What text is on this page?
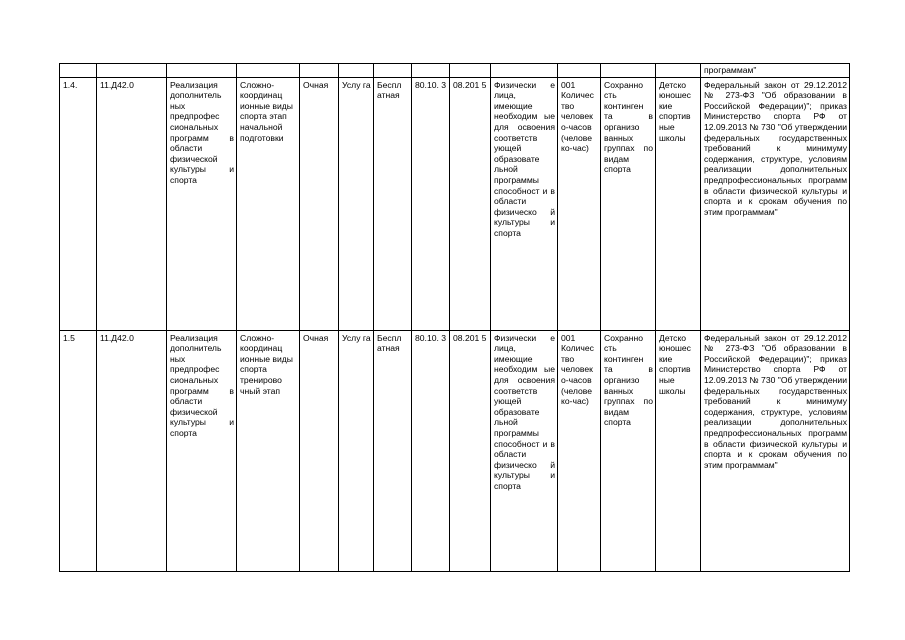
													программам"
1.4.	11.Д42.0	Реализация дополнитель ных предпрофес сиональных программ в области физической культуры и спорта	Сложно- координац ионные виды спорта этап начальной подготовки	Очная	Услу га	Беспл атная	80.10. 3	08.201 5	Физически е лица, имеющие необходим ые для освоения соответств ующей образовате льной программы способност и в области физическо й культуры и спорта	001 Количес тво человек о-часов (челове ко-час)	Сохранно сть континген та в организо ванных группах по видам спорта	Детско юношес кие спортив ные школы	Федеральный закон от 29.12.2012 № 273-ФЗ "Об образовании в Российской Федерации)"; приказ Министерство спорта РФ от 12.09.2013 № 730 "Об утверждении федеральных государственных требований к минимуму содержания, структуре, условиям реализации дополнительных предпрофессиональных программ в области физической культуры и спорта и к срокам обучения по этим программам"
1.5	11.Д42.0	Реализация дополнитель ных предпрофес сиональных программ в области физической культуры и спорта	Сложно- координац ионные виды спорта тренирово чный этап	Очная	Услу га	Беспл атная	80.10. 3	08.201 5	Физически е лица, имеющие необходим ые для освоения соответств ующей образовате льной программы способност и в области физическо й культуры и спорта	001 Количес тво человек о-часов (челове ко-час)	Сохранно сть континген та в организо ванных группах по видам спорта	Детско юношес кие спортив ные школы	Федеральный закон от 29.12.2012 № 273-ФЗ "Об образовании в Российской Федерации)"; приказ Министерство спорта РФ от 12.09.2013 № 730 "Об утверждении федеральных государственных требований к минимуму содержания, структуре, условиям реализации дополнительных предпрофессиональных программ в области физической культуры и спорта и к срокам обучения по этим программам"
